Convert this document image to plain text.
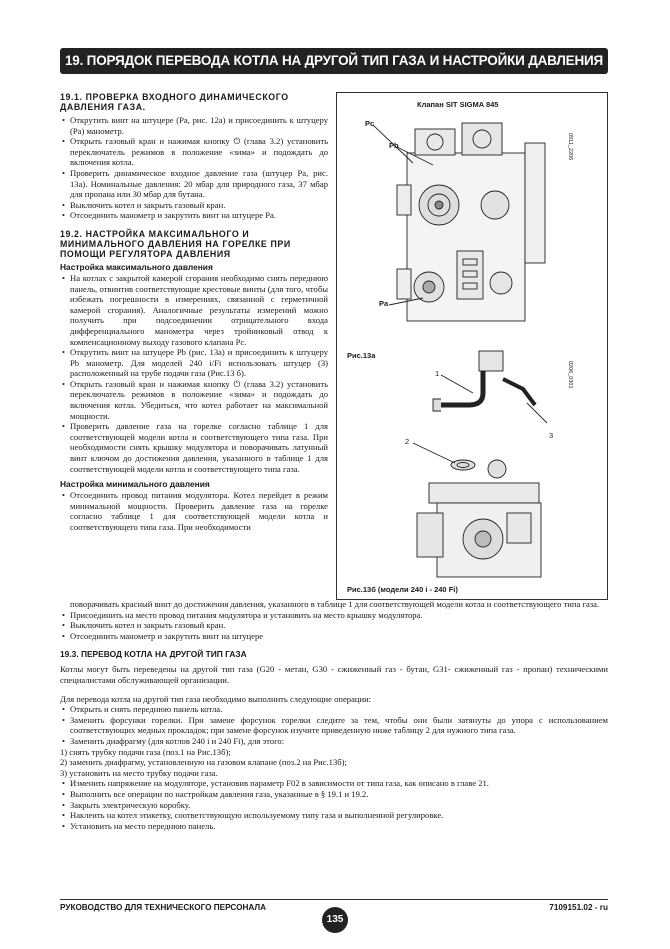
19. ПОРЯДОК ПЕРЕВОДА КОТЛА НА ДРУГОЙ ТИП ГАЗА И НАСТРОЙКИ ДАВЛЕНИЯ
19.1. ПРОВЕРКА ВХОДНОГО ДИНАМИЧЕСКОГО ДАВЛЕНИЯ ГАЗА.
• Открутить винт на штуцере (Ра, рис. 12а) и присоединить к штуцеру (Ра) манометр.
• Открыть газовый кран и нажимая кнопку ⏻ (глава 3.2) установить переключатель режимов в положение «зима» и подождать до включения котла.
• Проверить динамическое входное давление газа (штуцер Ра, рис. 13а). Номинальные давления: 20 мбар для природного газа, 37 мбар для пропана или 30 мбар для бутана.
• Выключить котел и закрыть газовый кран.
• Отсоединить манометр и закрутить винт на штуцере Ра.
19.2. НАСТРОЙКА МАКСИМАЛЬНОГО И МИНИМАЛЬНОГО ДАВЛЕНИЯ НА ГОРЕЛКЕ ПРИ ПОМОЩИ РЕГУЛЯТОРА ДАВЛЕНИЯ
Настройка максимального давления
• На котлах с закрытой камерой сгорания необходимо снять переднюю панель, отвинтив соответствующие крестовые винты (для того, чтобы избежать погрешности в измерениях, связанной с герметичной камерой сгорания). Аналогичные результаты измерений можно получить при подсоединении отрицательного входа дифференциального манометра через тройниковый отвод к компенсационному выходу газового клапана Рс.
• Открутить винт на штуцере Рb (рис. 13а) и присоединить к штуцеру Рb манометр. Для моделей 240 i/Fi использовать штуцер (3) расположенный на трубе подачи газа (Рис.13 б).
• Открыть газовый кран и нажимая кнопку ⏻ (глава 3.2) установить переключатель режимов в положение «зима» и подождать до включения котла. Убедиться, что котел работает на максимальной мощности.
• Проверить давление газа на горелке согласно таблице 1 для соответствующей модели котла и соответствующего типа газа. При необходимости снять крышку модулятора и поворачивать латунный винт ключом до достижения давления, указанного в таблице 1 для соответствующей модели котла и соответствующего типа газа.
Настройка минимального давления
• Отсоединить провод питания модулятора. Котел перейдет в режим минимальной мощности. Проверить давление газа на горелке согласно таблице 1 для соответствующей модели котла и соответствующего типа газа. При необходимости
Клапан SIT SIGMA 845
Pc
Pb
Pa
0911_2206
Рис.13а
0206_0301
1
2
3
Рис.13б (модели 240 i - 240 Fi)

поворачивать красный винт до достижения давления, указанного в таблице 1 для соответствующей модели котла и соответствующего типа газа.

• Присоединить на место провод питания модулятора и установить на место крышку модулятора.
• Выключить котел и закрыть газовый кран.
• Отсоединить манометр и закрутить винт на штуцере
19.3. ПЕРЕВОД КОТЛА НА ДРУГОЙ ТИП ГАЗА

Котлы могут быть переведены на другой тип газа (G20 - метан, G30 - сжиженный газ - бутан, G31- сжиженный газ - пропан) техническими специалистами обслуживающей организации.

Для перевода котла на другой тип газа необходимо выполнить следующие операции:

• Открыть и снять переднюю панель котла.
• Заменить форсунки горелки. При замене форсунок горелки следите за тем, чтобы они были затянуты до упора с использованием соответствующих медных прокладок; при замене форсунок изучите приведенную ниже таблицу 2 для нужного типа газа.
• Заменить диафрагму (для котлов 240 i и 240 Fi), для этого:

1) снять трубку подачи газа (поз.1 на Рис.13б);

2) заменить диафрагму, установленную на газовом клапане (поз.2 на Рис.13б);

3) установить на место трубку подачи газа.

• Изменить напряжение на модуляторе, установив параметр F02 в зависимости от типа газа, как описано в главе 21.
• Выполнить все операции по настройкам давления газа, указанные в § 19.1 и 19.2.
• Закрыть электрическую коробку.
• Наклеить на котел этикетку, соответствующую используемому типу газа и выполненной регулировке.
• Установить на место переднюю панель.
РУКОВОДСТВО ДЛЯ ТЕХНИЧЕСКОГО ПЕРСОНАЛА
135
7109151.02 - ru
